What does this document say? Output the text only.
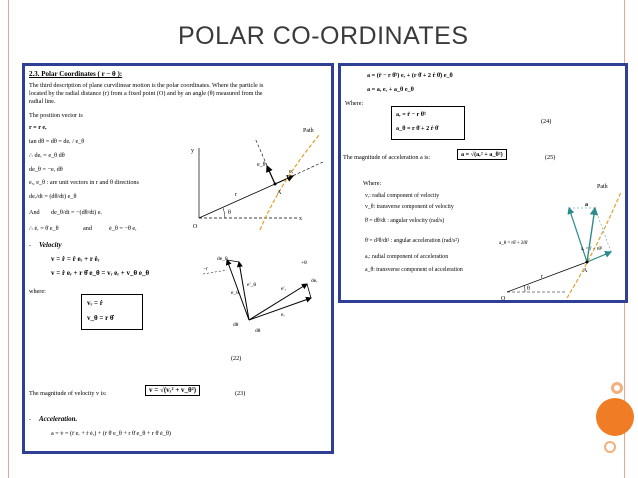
POLAR CO-ORDINATES
2.3. Polar Coordinates ( r − θ ):
The third description of plane curvilinear motion is the polar coordinates. Where the particle is
located by the radial distance (r) from a fixed point (O) and by an angle (θ) measured from the
radial line.
The position vector is
r = r eᵣ
tan dθ = dθ = deᵣ / e_θ
∴ deᵣ = e_θ dθ
de_θ = −eᵣ dθ
eᵣ, e_θ : are unit vectors in r and θ directions
deᵣ/dt = (dθ/dt) e_θ
And de_θ/dt = −(dθ/dt) eᵣ
∴ ėᵣ = θ̇ e_θ	and	ė_θ = −θ̇ eᵣ
- Velocity
v = ṙ = ṙ eᵣ + r ėᵣ
v = ṙ eᵣ + r θ̇ e_θ = vᵣ eᵣ + v_θ e_θ
where:
vᵣ = ṙ
v_θ = r θ̇
(22)
The magnitude of velocity v is:	v = √(vᵣ² + v_θ²)	(23)
- Acceleration.
a = v̇ = (r̈ eᵣ + ṙ ėᵣ) + (ṙ θ̇ e_θ + r θ̈ e_θ + r θ̇ ė_θ)
y
x
O
A
Path
r
θ
eᵣ
e_θ
de_θ
deᵣ
e_θ
eᵣ
e′_θ
e′ᵣ
dθ
dθ
+θ
−r
a = (r̈ − r θ̇²) eᵣ + (r θ̈ + 2 ṙ θ̇) e_θ
a = aᵣ eᵣ + a_θ e_θ
Where:
aᵣ = r̈ − r θ̇²
a_θ = r θ̈ + 2 ṙ θ̇
(24)
The magnitude of acceleration a is:	a = √(aᵣ² + a_θ²)	(25)
Where:
vᵣ: radial component of velocity
v_θ: transverse component of velocity
θ̇ = dθ/dt : angular velocity (rad/s)
θ̈ = d²θ/dt² : angular acceleration (rad/s²)
aᵣ: radial component of acceleration
a_θ: transverse component of acceleration
Path
a
A
O
r
θ
a_θ = rθ̈ + 2ṙθ̇
aᵣ = r̈ − rθ̇²
